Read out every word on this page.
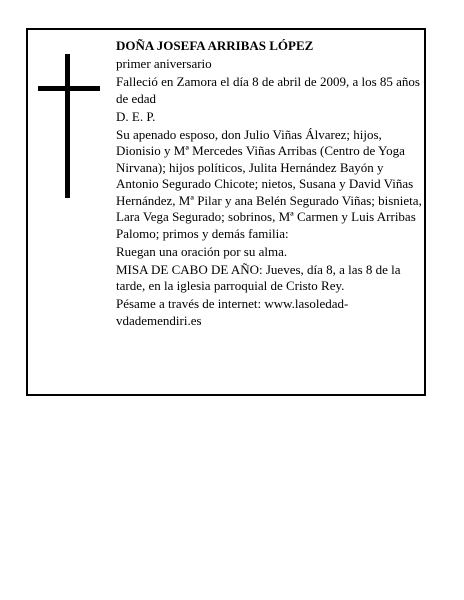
DOÑA JOSEFA ARRIBAS LÓPEZ

primer aniversario

Falleció en Zamora el día 8 de abril de 2009, a los 85 años de edad

D. E. P.

Su apenado esposo, don Julio Viñas Álvarez; hijos, Dionisio y Mª Mercedes Viñas Arribas (Centro de Yoga Nirvana); hijos políticos, Julita Hernández Bayón y Antonio Segurado Chicote; nietos, Susana y David Viñas Hernández, Mª Pilar y ana Belén Segurado Viñas; bisnieta, Lara Vega Segurado; sobrinos, Mª Carmen y Luis Arribas Palomo; primos y demás familia:

Ruegan una oración por su alma.

MISA DE CABO DE AÑO: Jueves, día 8, a las 8 de la tarde, en la iglesia parroquial de Cristo Rey.

Pésame a través de internet: www.lasoledad-vdademendiri.es
